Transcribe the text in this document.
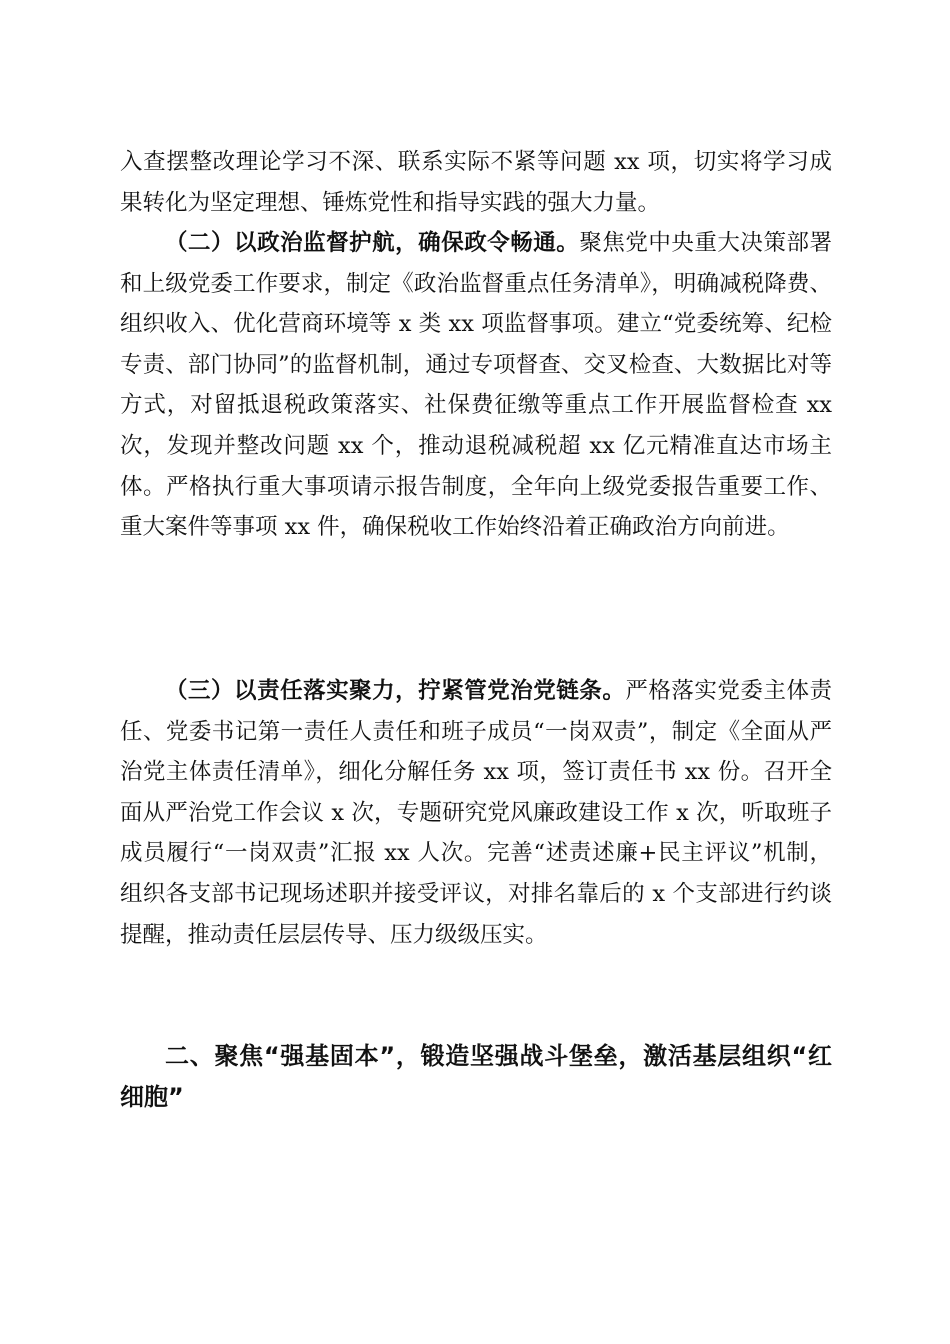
入查摆整改理论学习不深、联系实际不紧等问题 xx 项，切实将学习成果转化为坚定理想、锤炼党性和指导实践的强大力量。

（二）以政治监督护航，确保政令畅通。聚焦党中央重大决策部署和上级党委工作要求，制定《政治监督重点任务清单》，明确减税降费、组织收入、优化营商环境等 x 类 xx 项监督事项。建立“党委统筹、纪检专责、部门协同”的监督机制，通过专项督查、交叉检查、大数据比对等方式，对留抵退税政策落实、社保费征缴等重点工作开展监督检查 xx 次，发现并整改问题 xx 个，推动退税减税超 xx 亿元精准直达市场主体。严格执行重大事项请示报告制度，全年向上级党委报告重要工作、重大案件等事项 xx 件，确保税收工作始终沿着正确政治方向前进。

（三）以责任落实聚力，拧紧管党治党链条。严格落实党委主体责任、党委书记第一责任人责任和班子成员“一岗双责”，制定《全面从严治党主体责任清单》，细化分解任务 xx 项，签订责任书 xx 份。召开全面从严治党工作会议 x 次，专题研究党风廉政建设工作 x 次，听取班子成员履行“一岗双责”汇报 xx 人次。完善“述责述廉+民主评议”机制，组织各支部书记现场述职并接受评议，对排名靠后的 x 个支部进行约谈提醒，推动责任层层传导、压力级级压实。

二、聚焦“强基固本”，锻造坚强战斗堡垒，激活基层组织“红细胞”
